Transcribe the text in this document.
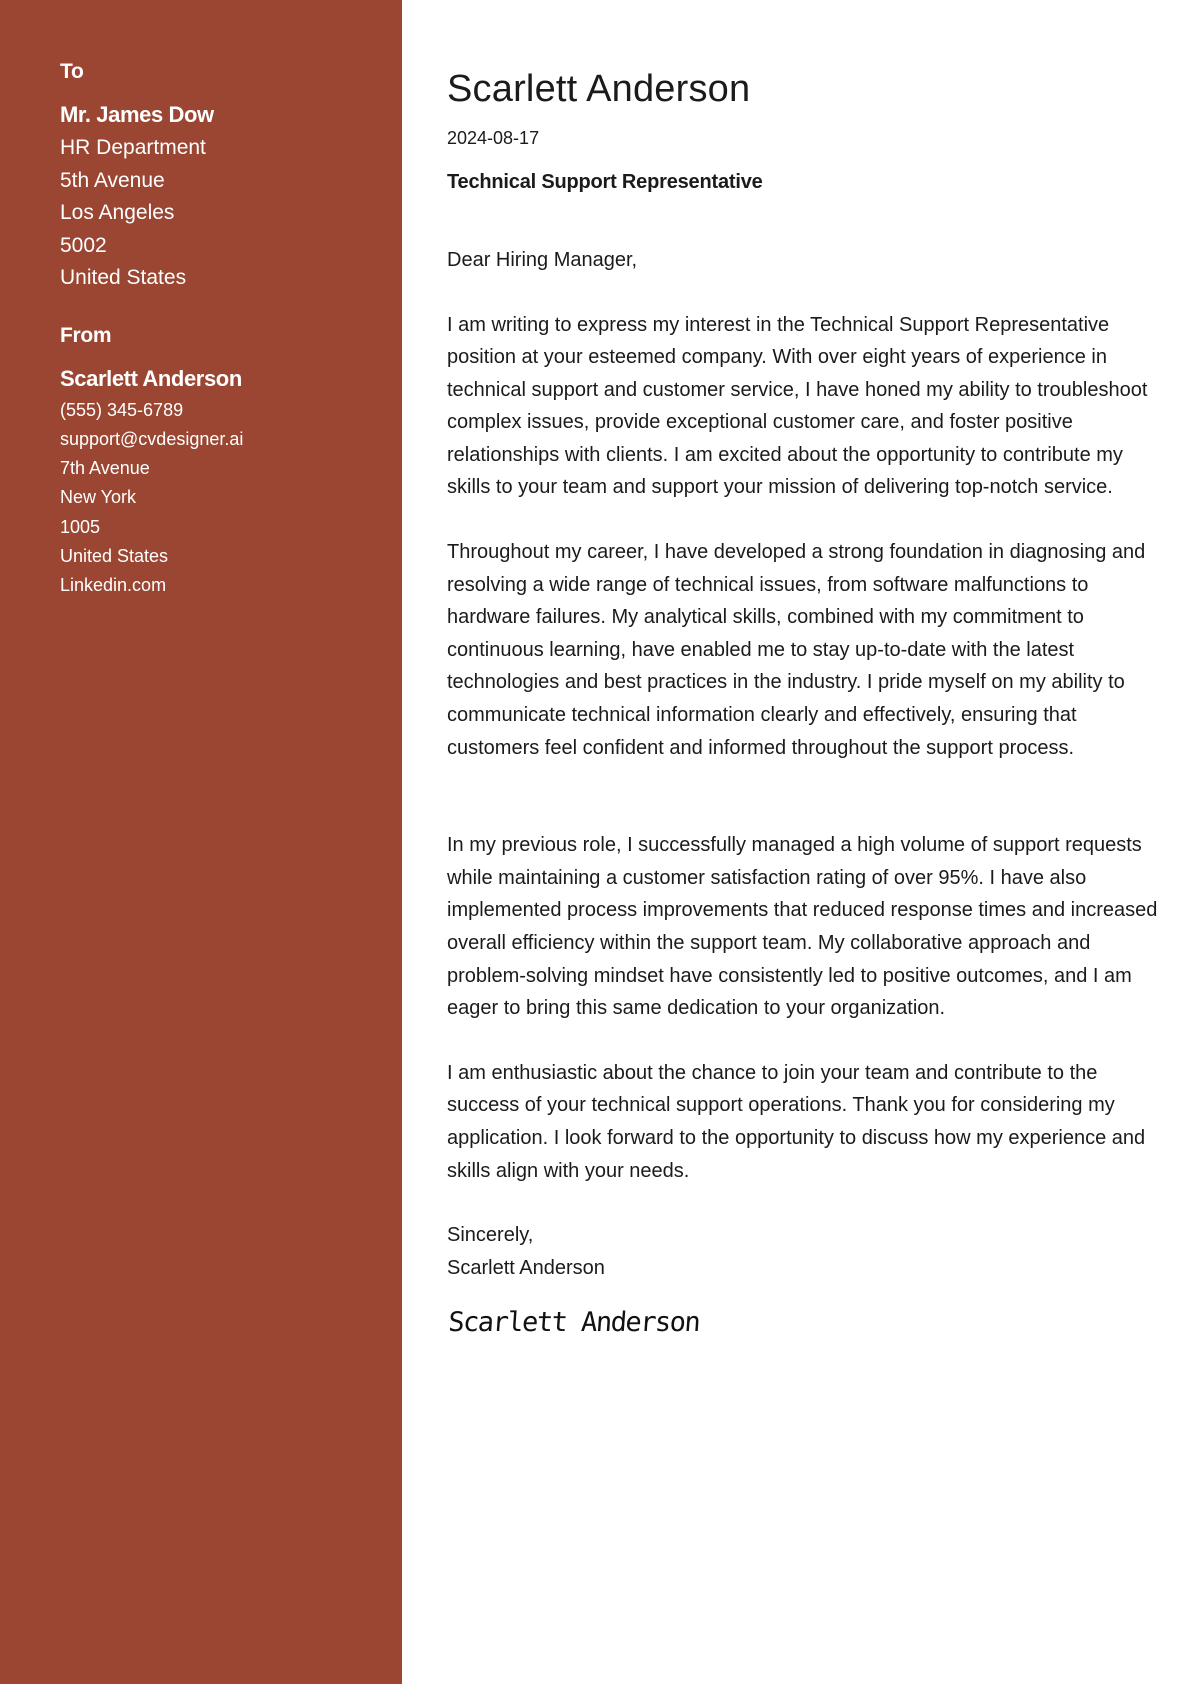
To
Mr. James Dow
HR Department
5th Avenue
Los Angeles
5002
United States
From
Scarlett Anderson
(555) 345-6789
support@cvdesigner.ai
7th Avenue
New York
1005
United States
Linkedin.com
Scarlett Anderson
2024-08-17
Technical Support Representative
Dear Hiring Manager,

I am writing to express my interest in the Technical Support Representative position at your esteemed company. With over eight years of experience in technical support and customer service, I have honed my ability to troubleshoot complex issues, provide exceptional customer care, and foster positive relationships with clients. I am excited about the opportunity to contribute my skills to your team and support your mission of delivering top-notch service.

Throughout my career, I have developed a strong foundation in diagnosing and resolving a wide range of technical issues, from software malfunctions to hardware failures. My analytical skills, combined with my commitment to continuous learning, have enabled me to stay up-to-date with the latest technologies and best practices in the industry. I pride myself on my ability to communicate technical information clearly and effectively, ensuring that customers feel confident and informed throughout the support process.

In my previous role, I successfully managed a high volume of support requests while maintaining a customer satisfaction rating of over 95%. I have also implemented process improvements that reduced response times and increased overall efficiency within the support team. My collaborative approach and problem-solving mindset have consistently led to positive outcomes, and I am eager to bring this same dedication to your organization.

I am enthusiastic about the chance to join your team and contribute to the success of your technical support operations. Thank you for considering my application. I look forward to the opportunity to discuss how my experience and skills align with your needs.

Sincerely,
Scarlett Anderson
Scarlett Anderson
